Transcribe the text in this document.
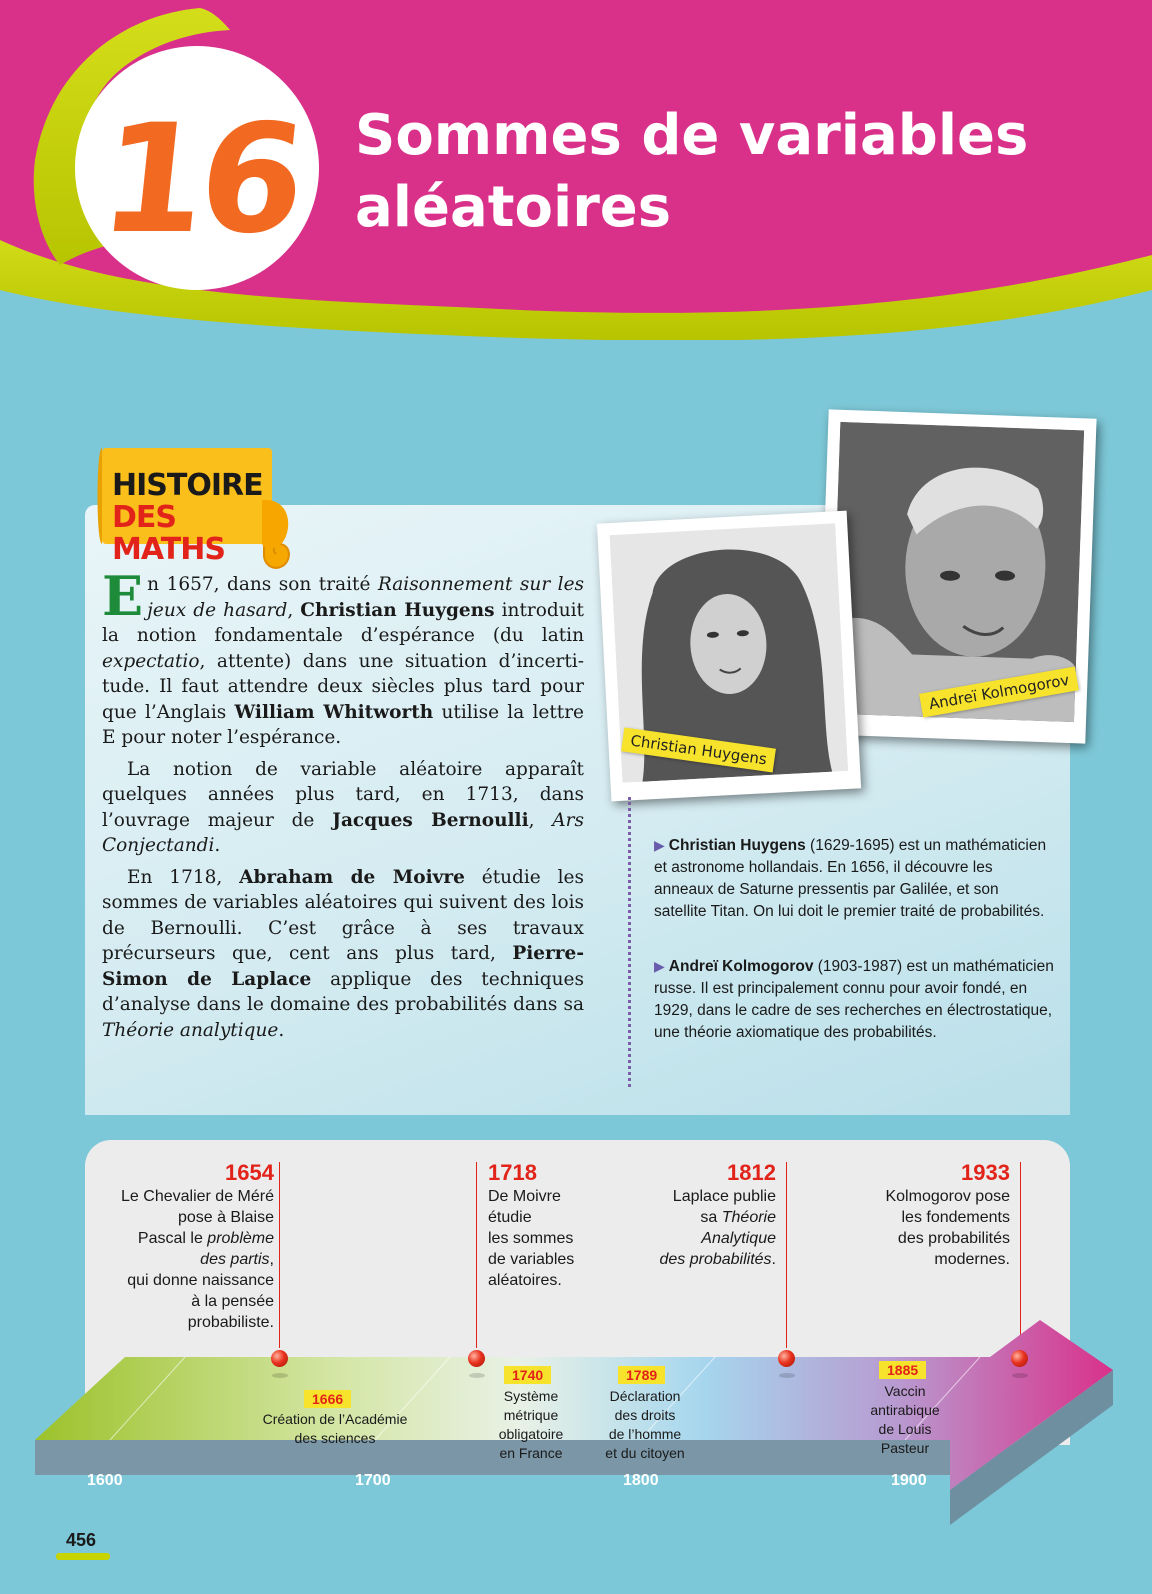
16 Sommes de variables
aléatoires
HISTOIRE
DES MATHS

En 1657, dans son traité Raisonnement sur les jeux de hasard, Christian Huygens introduit la notion fondamentale d’espérance (du latin expectatio, attente) dans une situation d’incertitude. Il faut attendre deux siècles plus tard pour que l’Anglais William Whitworth utilise la lettre E pour noter l’espérance.

La notion de variable aléatoire apparaît quelques années plus tard, en 1713, dans l’ouvrage majeur de Jacques Bernoulli, Ars Conjectandi.

En 1718, Abraham de Moivre étudie les sommes de variables aléatoires qui suivent des lois de Bernoulli. C’est grâce à ses travaux précurseurs que, cent ans plus tard, Pierre-Simon de Laplace applique des techniques d’analyse dans le domaine des probabilités dans sa Théorie analytique.

Andreï Kolmogorov
Christian Huygens
▶ Christian Huygens (1629-1695) est un mathématicien et astronome hollandais. En 1656, il découvre les anneaux de Saturne pressentis par Galilée, et son satellite Titan. On lui doit le premier traité de probabilités.
▶ Andreï Kolmogorov (1903-1987) est un mathématicien russe. Il est principalement connu pour avoir fondé, en 1929, dans le cadre de ses recherches en électrostatique, une théorie axiomatique des probabilités.
1654
Le Chevalier de Méré
pose à Blaise
Pascal le problème
des partis,
qui donne naissance
à la pensée
probabiliste.
1718
De Moivre
étudie
les sommes
de variables
aléatoires.
1812
Laplace publie
sa Théorie
Analytique
des probabilités.
1933
Kolmogorov pose
les fondements
des probabilités
modernes.
1666
Création de l’Académie
des sciences
1740
Système
métrique
obligatoire
en France
1789
Déclaration
des droits
de l’homme
et du citoyen
1885
Vaccin
antirabique
de Louis
Pasteur
1600	1700	1800	1900
456
